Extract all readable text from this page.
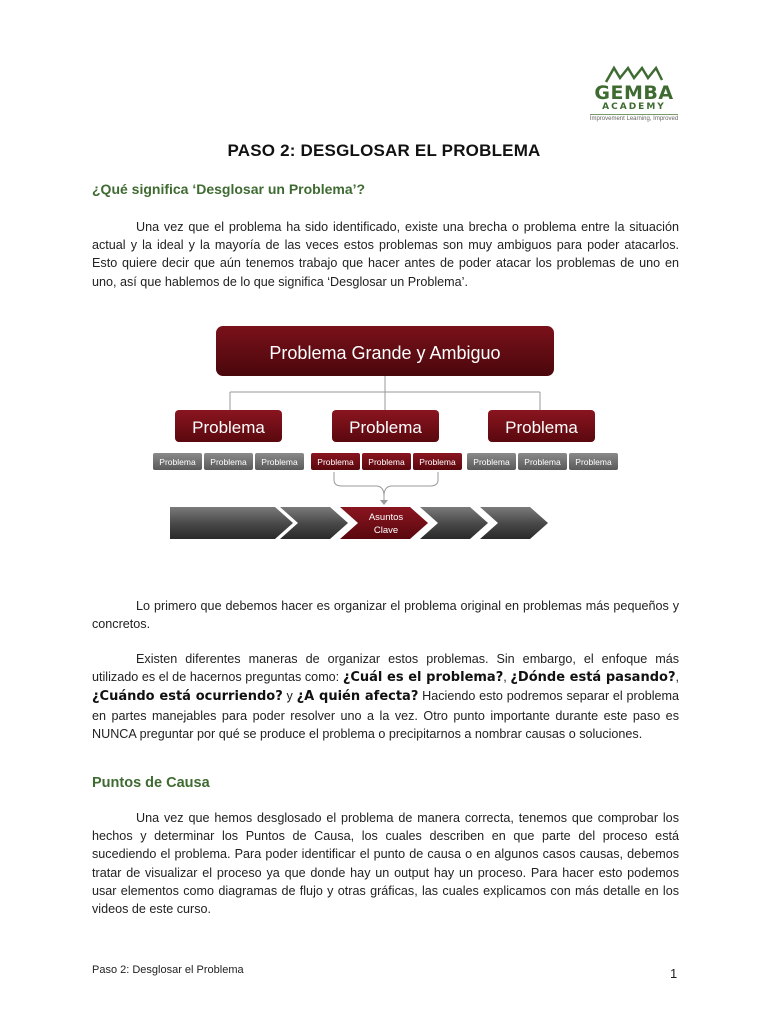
GEMBA
ACADEMY
Improvement Learning, Improved
PASO 2: DESGLOSAR EL PROBLEMA
¿Qué significa ‘Desglosar un Problema’?

Una vez que el problema ha sido identificado, existe una brecha o problema entre la situación actual y la ideal y la mayoría de las veces estos problemas son muy ambiguos para poder atacarlos. Esto quiere decir que aún tenemos trabajo que hacer antes de poder atacar los problemas de uno en uno, así que hablemos de lo que significa ‘Desglosar un Problema’.

Problema Grande y Ambiguo
Problema	Problema	Problema
Problema Problema Problema Problema Problema Problema Problema Problema Problema
Asuntos
Clave

Lo primero que debemos hacer es organizar el problema original en problemas más pequeños y concretos.

Existen diferentes maneras de organizar estos problemas. Sin embargo, el enfoque más utilizado es el de hacernos preguntas como: ¿Cuál es el problema?, ¿Dónde está pasando?, ¿Cuándo está ocurriendo? y ¿A quién afecta? Haciendo esto podremos separar el problema en partes manejables para poder resolver uno a la vez. Otro punto importante durante este paso es NUNCA preguntar por qué se produce el problema o precipitarnos a nombrar causas o soluciones.

Puntos de Causa

Una vez que hemos desglosado el problema de manera correcta, tenemos que comprobar los hechos y determinar los Puntos de Causa, los cuales describen en que parte del proceso está sucediendo el problema. Para poder identificar el punto de causa o en algunos casos causas, debemos tratar de visualizar el proceso ya que donde hay un output hay un proceso. Para hacer esto podemos usar elementos como diagramas de flujo y otras gráficas, las cuales explicamos con más detalle en los videos de este curso.

Paso 2: Desglosar el Problema	1
